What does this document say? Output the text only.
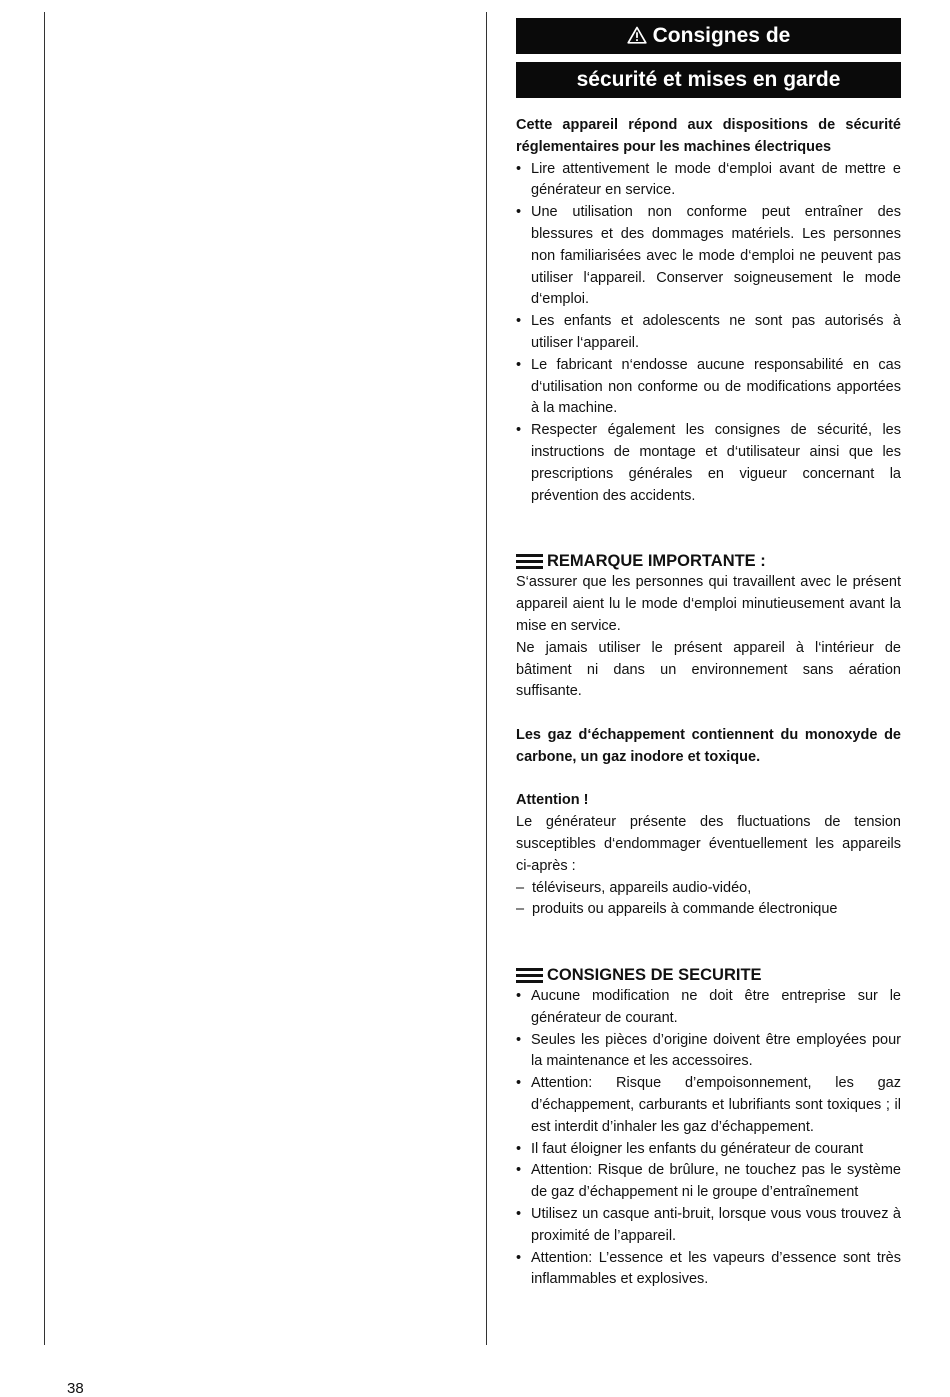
Consignes de
sécurité et mises en garde

Cette appareil répond aux dispositions de sécurité réglementaires pour les machines électriques

• Lire attentivement le mode d‘emploi avant de mettre e générateur en service.
• Une utilisation non conforme peut entraîner des blessures et des dommages matériels. Les personnes non familiarisées avec le mode d‘emploi ne peuvent pas utiliser l‘appareil. Conserver soigneusement le mode d‘emploi.
• Les enfants et adolescents ne sont pas autorisés à utiliser l‘appareil.
• Le fabricant n‘endosse aucune responsabilité en cas d‘utilisation non conforme ou de modifications apportées à la machine.
• Respecter également les consignes de sécurité, les instructions de montage et d‘utilisateur ainsi que les prescriptions générales en vigueur concernant la prévention des accidents.
REMARQUE IMPORTANTE :

S‘assurer que les personnes qui travaillent avec le présent appareil aient lu le mode d‘emploi minutieusement avant la mise en service.

Ne jamais utiliser le présent appareil à l‘intérieur de bâtiment ni dans un environnement sans aération suffisante.

Les gaz d‘échappement contiennent du monoxyde de carbone, un gaz inodore et toxique.

Attention !

Le générateur présente des fluctuations de tension susceptibles d‘endommager éventuellement les appareils ci-après :

– téléviseurs, appareils audio-vidéo,
– produits ou appareils à commande électronique
CONSIGNES DE SECURITE
• Aucune modification ne doit être entreprise sur le générateur de courant.
• Seules les pièces d’origine doivent être employées pour la maintenance et les accessoires.
• Attention: Risque d’empoisonnement, les gaz d’échappement, carburants et lubrifiants sont toxiques ; il est interdit d’inhaler les gaz d’échappement.
• Il faut éloigner les enfants du générateur de courant
• Attention: Risque de brûlure, ne touchez pas le système de gaz d’échappement ni le groupe d’entraînement
• Utilisez un casque anti-bruit, lorsque vous vous trouvez à proximité de l’appareil.
• Attention: L’essence et les vapeurs d’essence sont très inflammables et explosives.
38
